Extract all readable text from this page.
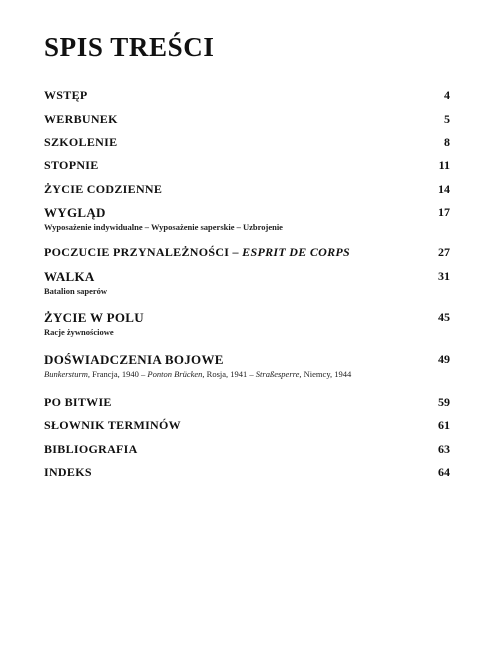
SPIS TREŚCI
WSTĘP	4
WERBUNEK	5
SZKOLENIE	8
STOPNIE	11
ŻYCIE CODZIENNE	14
WYGLĄD	17
Wyposażenie indywidualne – Wyposażenie saperskie – Uzbrojenie
POCZUCIE PRZYNALEŻNOŚCI – ESPRIT DE CORPS	27
WALKA	31
Batalion saperów
ŻYCIE W POLU	45
Racje żywnościowe
DOŚWIADCZENIA BOJOWE	49
Bunkersturm, Francja, 1940 – Ponton Brücken, Rosja, 1941 – Straßesperre, Niemcy, 1944
PO BITWIE	59
SŁOWNIK TERMINÓW	61
BIBLIOGRAFIA	63
INDEKS	64
